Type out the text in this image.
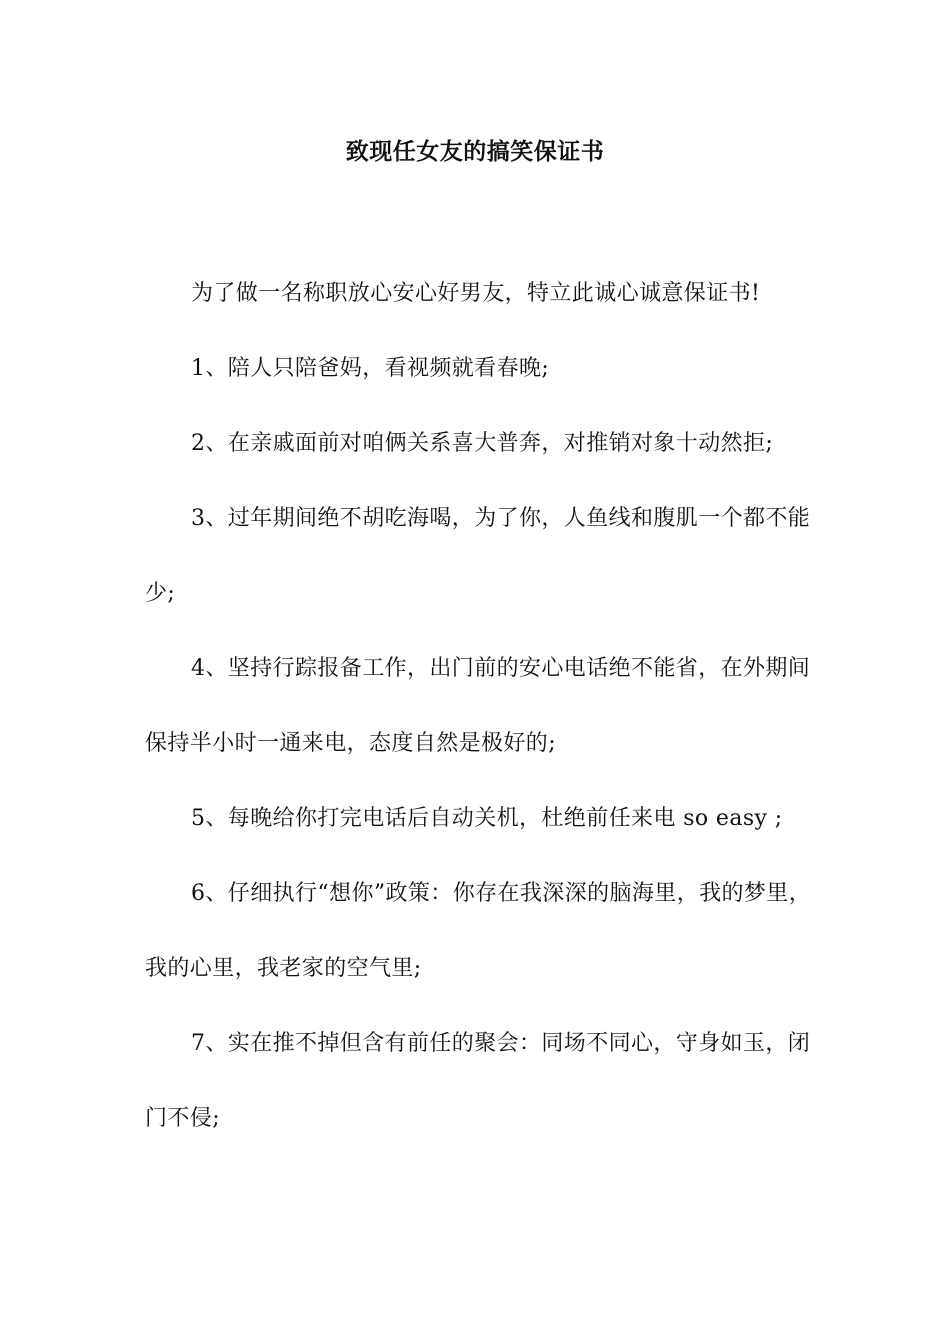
致现任女友的搞笑保证书

为了做一名称职放心安心好男友，特立此诚心诚意保证书!

1、陪人只陪爸妈，看视频就看春晚;

2、在亲戚面前对咱俩关系喜大普奔，对推销对象十动然拒;

3、过年期间绝不胡吃海喝，为了你，人鱼线和腹肌一个都不能少;

4、坚持行踪报备工作，出门前的安心电话绝不能省，在外期间保持半小时一通来电，态度自然是极好的;

5、每晚给你打完电话后自动关机，杜绝前任来电 so easy ;

6、仔细执行“想你”政策：你存在我深深的脑海里，我的梦里，我的心里，我老家的空气里;

7、实在推不掉但含有前任的聚会：同场不同心，守身如玉，闭门不侵;
